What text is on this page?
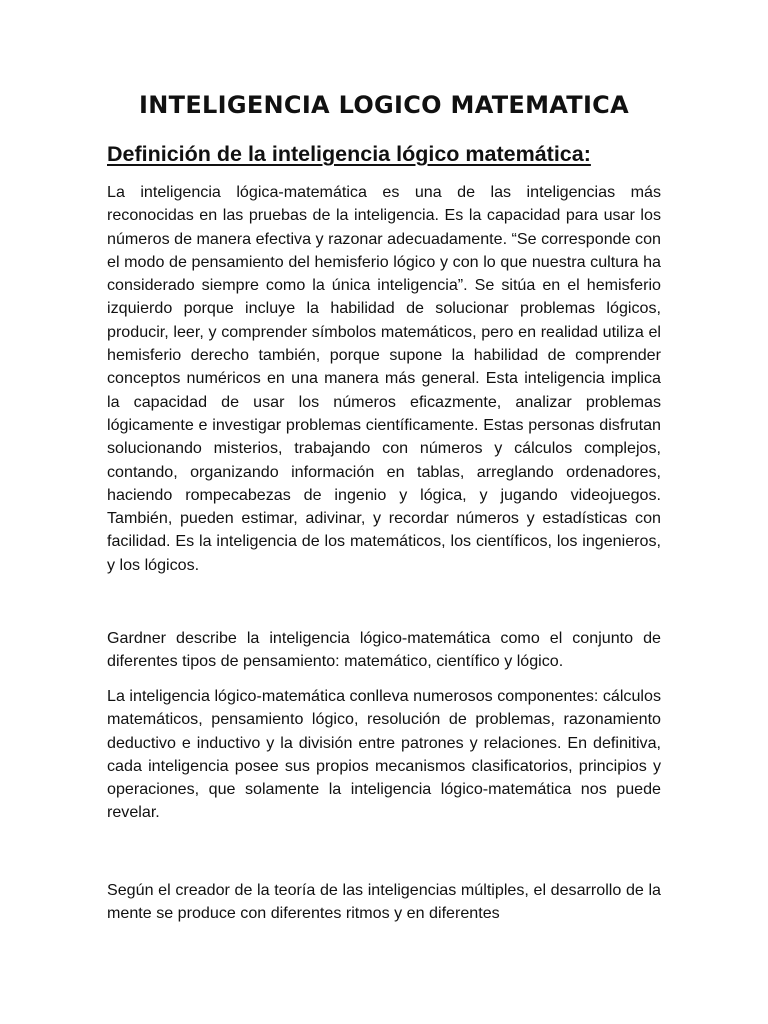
INTELIGENCIA LOGICO MATEMATICA
Definición de la inteligencia lógico matemática:

La inteligencia lógica-matemática es una de las inteligencias más reconocidas en las pruebas de la inteligencia. Es la capacidad para usar los números de manera efectiva y razonar adecuadamente. “Se corresponde con el modo de pensamiento del hemisferio lógico y con lo que nuestra cultura ha considerado siempre como la única inteligencia”. Se sitúa en el hemisferio izquierdo porque incluye la habilidad de solucionar problemas lógicos, producir, leer, y comprender símbolos matemáticos, pero en realidad utiliza el hemisferio derecho también, porque supone la habilidad de comprender conceptos numéricos en una manera más general. Esta inteligencia implica la capacidad de usar los números eficazmente, analizar problemas lógicamente e investigar problemas científicamente. Estas personas disfrutan solucionando misterios, trabajando con números y cálculos complejos, contando, organizando información en tablas, arreglando ordenadores, haciendo rompecabezas de ingenio y lógica, y jugando videojuegos. También, pueden estimar, adivinar, y recordar números y estadísticas con facilidad. Es la inteligencia de los matemáticos, los científicos, los ingenieros, y los lógicos.

Gardner describe la inteligencia lógico-matemática como el conjunto de diferentes tipos de pensamiento: matemático, científico y lógico.

La inteligencia lógico-matemática conlleva numerosos componentes: cálculos matemáticos, pensamiento lógico, resolución de problemas, razonamiento deductivo e inductivo y la división entre patrones y relaciones. En definitiva, cada inteligencia posee sus propios mecanismos clasificatorios, principios y operaciones, que solamente la inteligencia lógico-matemática nos puede revelar.

Según el creador de la teoría de las inteligencias múltiples, el desarrollo de la mente se produce con diferentes ritmos y en diferentes
